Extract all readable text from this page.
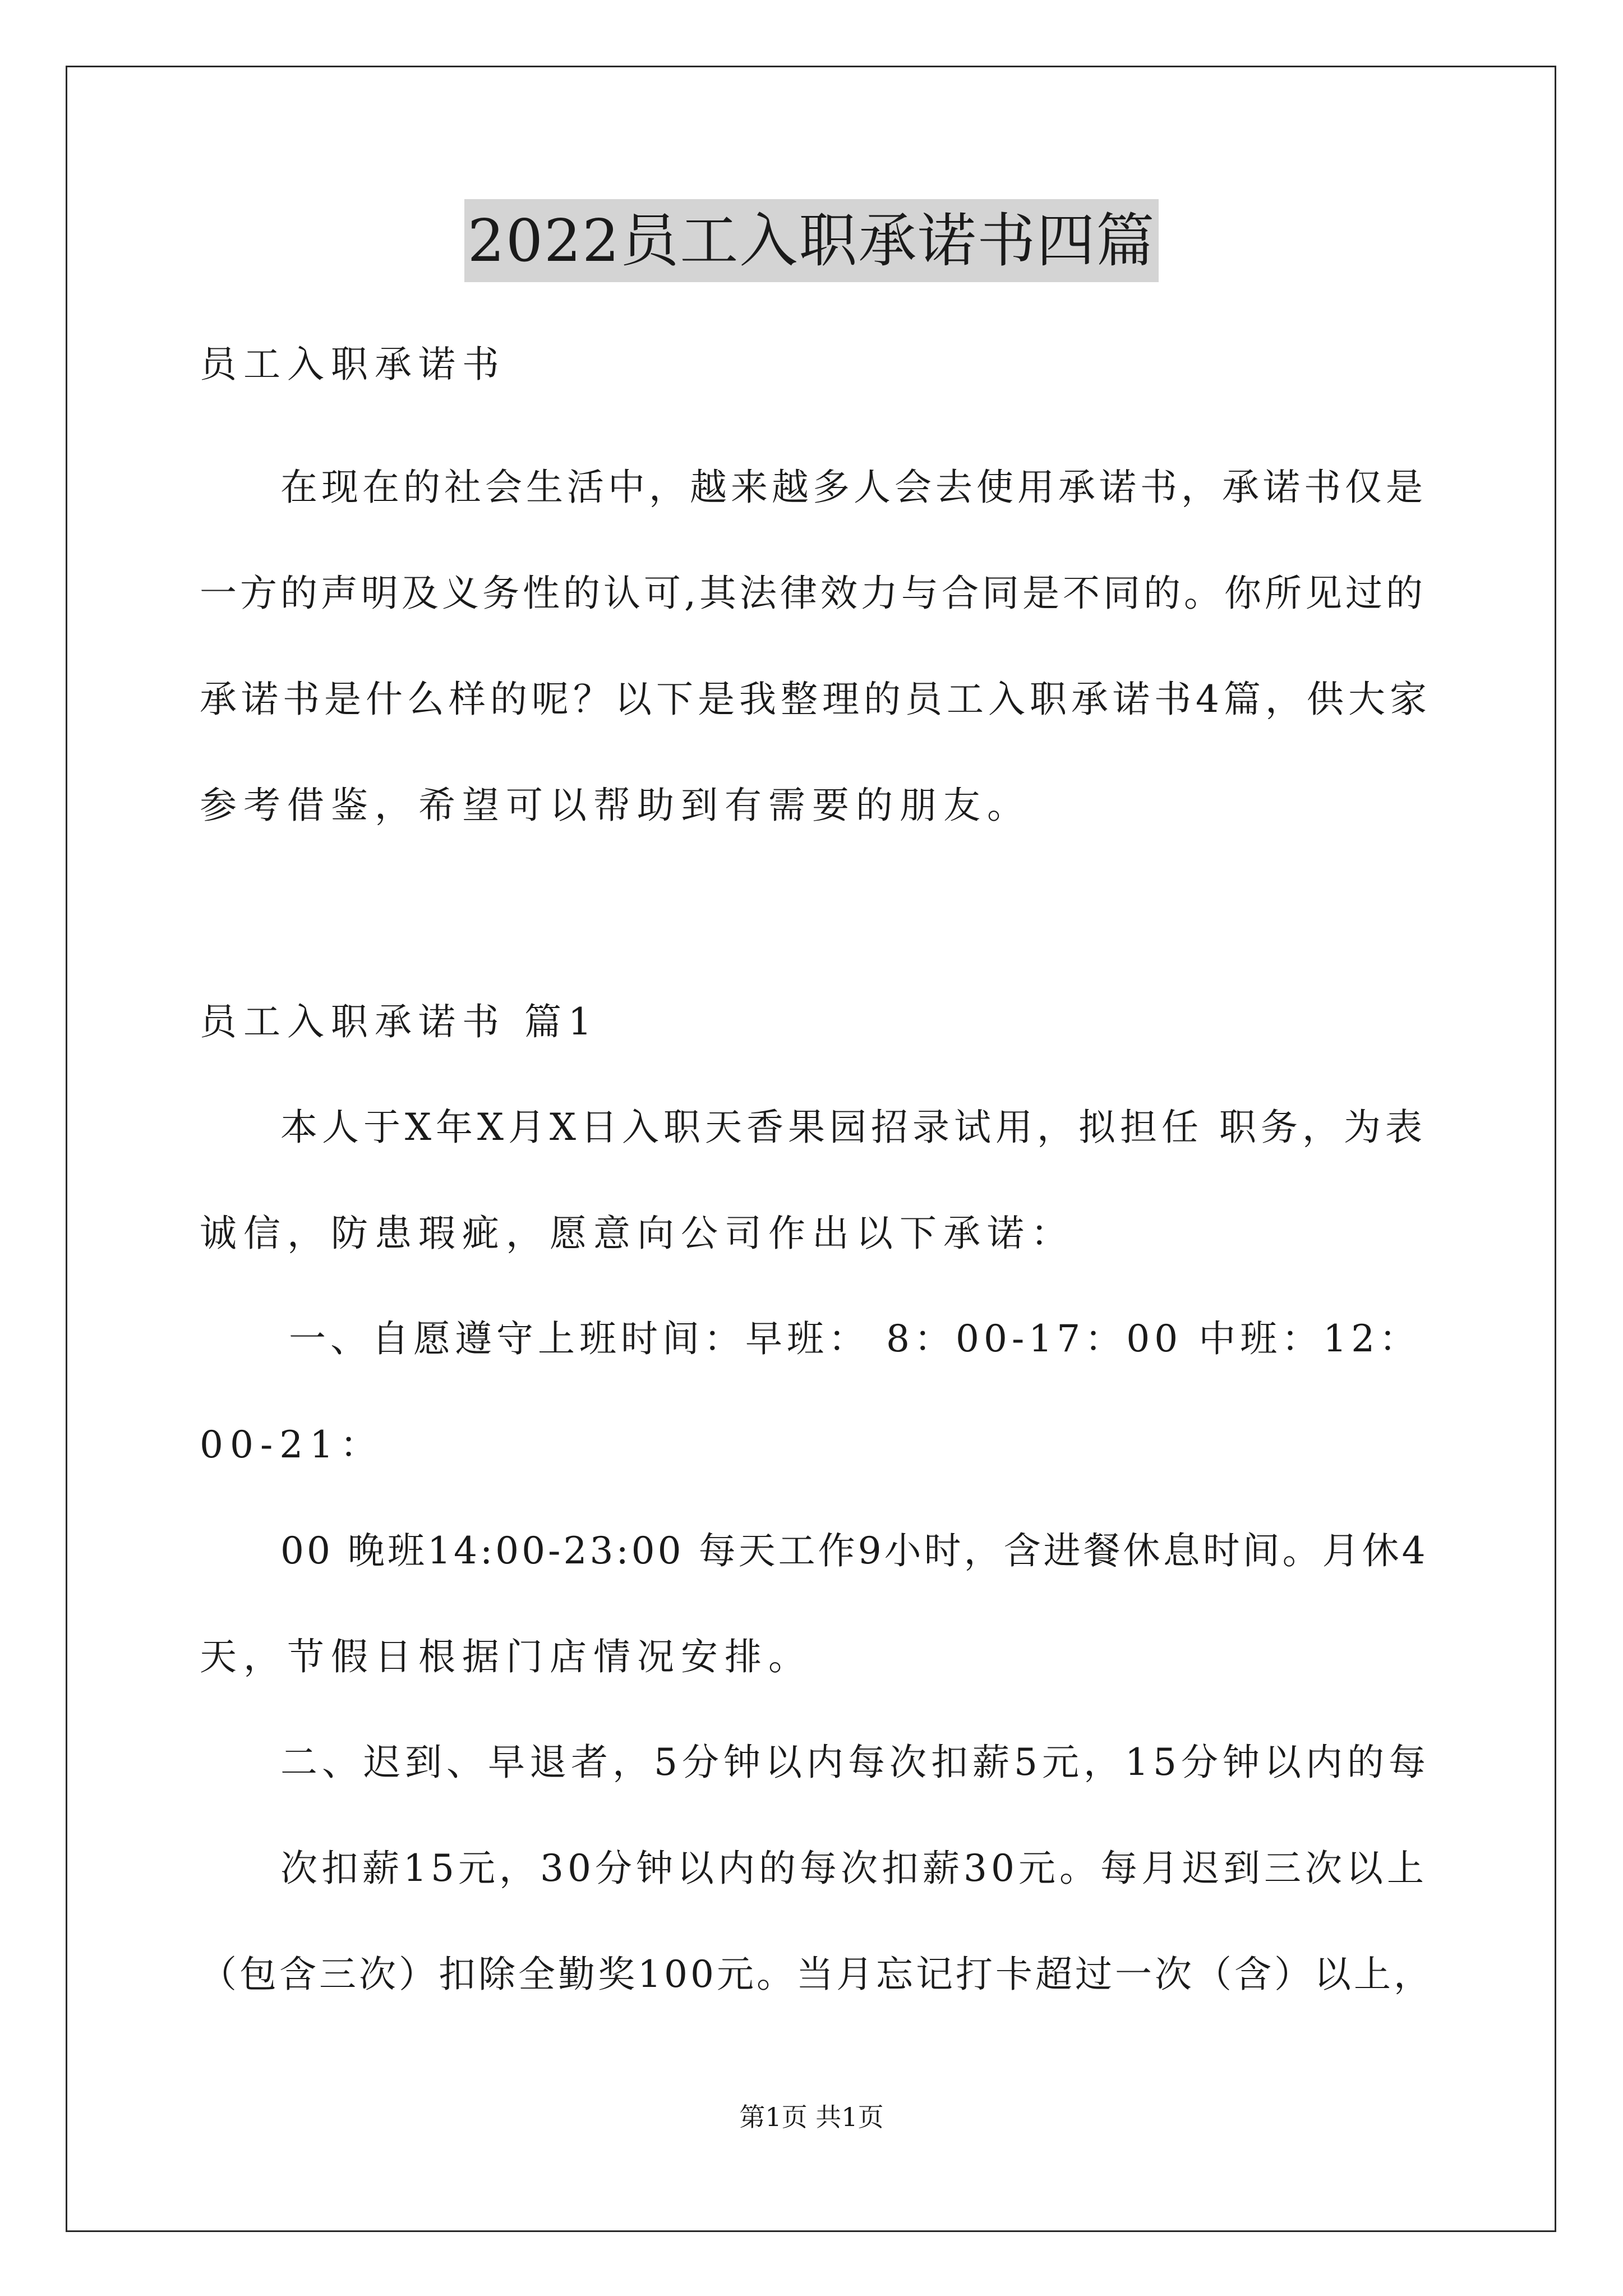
2022员工入职承诺书四篇
员工入职承诺书
在现在的社会生活中，越来越多人会去使用承诺书，承诺书仅是
一方的声明及义务性的认可,其法律效力与合同是不同的。你所见过的
承诺书是什么样的呢？以下是我整理的员工入职承诺书4篇，供大家
参考借鉴，希望可以帮助到有需要的朋友。
员工入职承诺书 篇1
本人于X年X月X日入职天香果园招录试用，拟担任 职务，为表
诚信，防患瑕疵，愿意向公司作出以下承诺：
一、自愿遵守上班时间：早班： 8：00-17：00 中班：12：
00-21：
00 晚班14:00-23:00 每天工作9小时，含进餐休息时间。月休4
天，节假日根据门店情况安排。
二、迟到、早退者，5分钟以内每次扣薪5元，15分钟以内的每
次扣薪15元，30分钟以内的每次扣薪30元。每月迟到三次以上
（包含三次）扣除全勤奖100元。当月忘记打卡超过一次（含）以上，
第1页 共1页
